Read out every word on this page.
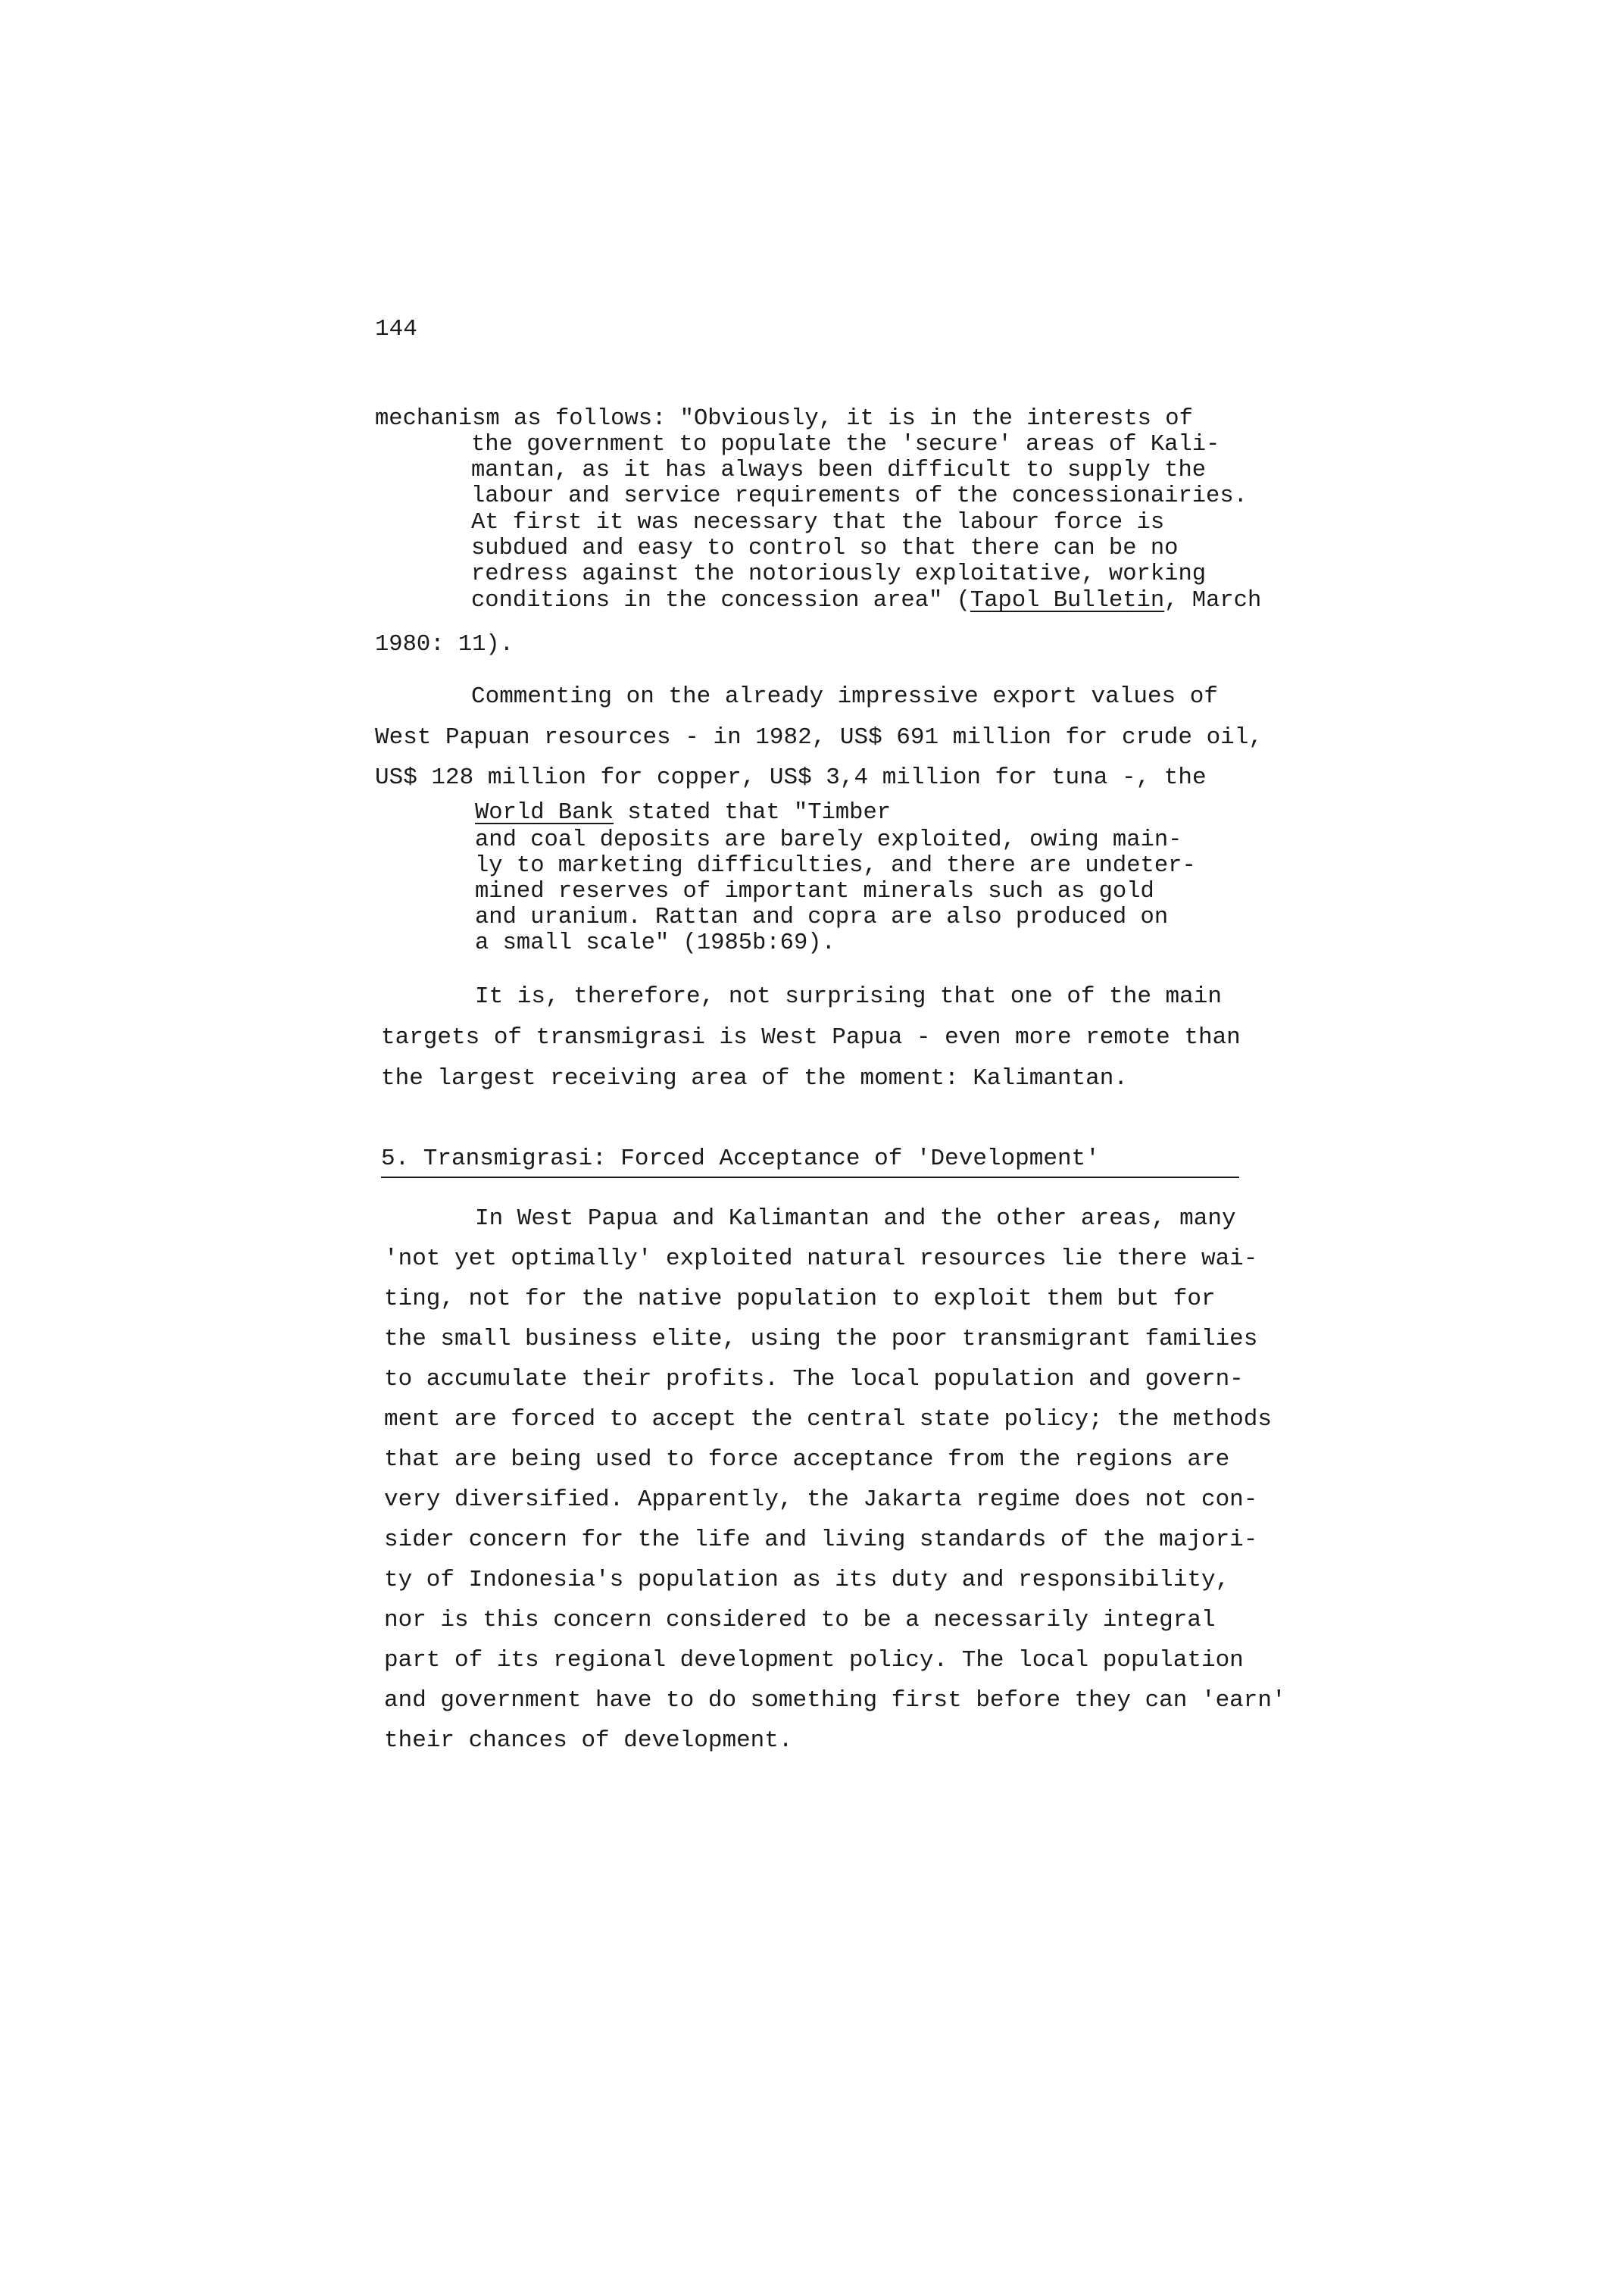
144
mechanism as follows: "Obviously, it is in the interests of
the government to populate the 'secure' areas of Kali-
mantan, as it has always been difficult to supply the
labour and service requirements of the concessionairies.
At first it was necessary that the labour force is
subdued and easy to control so that there can be no
redress against the notoriously exploitative, working
conditions in the concession area" (Tapol Bulletin, March
1980: 11).
Commenting on the already impressive export values of
West Papuan resources - in 1982, US$ 691 million for crude oil,
US$ 128 million for copper, US$ 3,4 million for tuna -, the
World Bank stated that "Timber
and coal deposits are barely exploited, owing main-
ly to marketing difficulties, and there are undeter-
mined reserves of important minerals such as gold
and uranium. Rattan and copra are also produced on
a small scale" (1985b:69).
It is, therefore, not surprising that one of the main
targets of transmigrasi is West Papua - even more remote than
the largest receiving area of the moment: Kalimantan.
5. Transmigrasi: Forced Acceptance of 'Development'
In West Papua and Kalimantan and the other areas, many
'not yet optimally' exploited natural resources lie there wai-
ting, not for the native population to exploit them but for
the small business elite, using the poor transmigrant families
to accumulate their profits. The local population and govern-
ment are forced to accept the central state policy; the methods
that are being used to force acceptance from the regions are
very diversified. Apparently, the Jakarta regime does not con-
sider concern for the life and living standards of the majori-
ty of Indonesia's population as its duty and responsibility,
nor is this concern considered to be a necessarily integral
part of its regional development policy. The local population
and government have to do something first before they can 'earn'
their chances of development.
